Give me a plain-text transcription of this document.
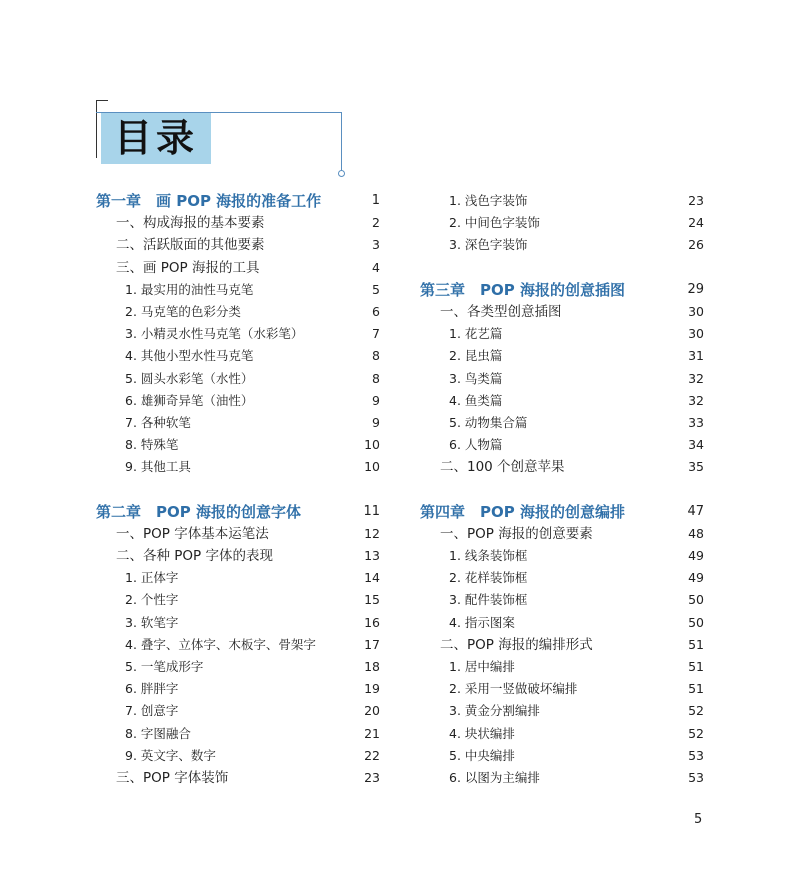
目录
第一章　画 POP 海报的准备工作	1
一、构成海报的基本要素	2
二、活跃版面的其他要素	3
三、画 POP 海报的工具	4
1. 最实用的油性马克笔	5
2. 马克笔的色彩分类	6
3. 小精灵水性马克笔（水彩笔）	7
4. 其他小型水性马克笔	8
5. 圆头水彩笔（水性）	8
6. 雄狮奇异笔（油性）	9
7. 各种软笔	9
8. 特殊笔	10
9. 其他工具	10
第二章　POP 海报的创意字体	11
一、POP 字体基本运笔法	12
二、各种 POP 字体的表现	13
1. 正体字	14
2. 个性字	15
3. 软笔字	16
4. 叠字、立体字、木板字、骨架字	17
5. 一笔成形字	18
6. 胖胖字	19
7. 创意字	20
8. 字图融合	21
9. 英文字、数字	22
三、POP 字体装饰	23
1. 浅色字装饰	23
2. 中间色字装饰	24
3. 深色字装饰	26
第三章　POP 海报的创意插图	29
一、各类型创意插图	30
1. 花艺篇	30
2. 昆虫篇	31
3. 鸟类篇	32
4. 鱼类篇	32
5. 动物集合篇	33
6. 人物篇	34
二、100 个创意苹果	35
第四章　POP 海报的创意编排	47
一、POP 海报的创意要素	48
1. 线条装饰框	49
2. 花样装饰框	49
3. 配件装饰框	50
4. 指示图案	50
二、POP 海报的编排形式	51
1. 居中编排	51
2. 采用一竖做破坏编排	51
3. 黄金分割编排	52
4. 块状编排	52
5. 中央编排	53
6. 以图为主编排	53
5
